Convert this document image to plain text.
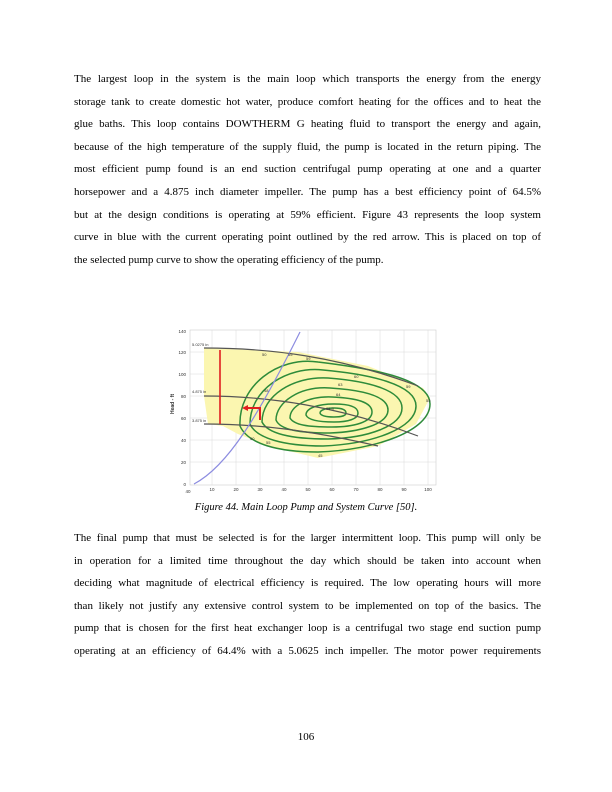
The largest loop in the system is the main loop which transports the energy from the energy
storage tank to create domestic hot water, produce comfort heating for the offices and to heat the
glue baths. This loop contains DOWTHERM G heating fluid to transport the energy and again,
because of the high temperature of the supply fluid, the pump is located in the return piping. The
most efficient pump found is an end suction centrifugal pump operating at one and a quarter
horsepower and a 4.875 inch diameter impeller. The pump has a best efficiency point of 64.5%
but at the design conditions is operating at 59% efficient. Figure 43 represents the loop system
curve in blue with the current operating point outlined by the red arrow. This is placed on top of
the selected pump curve to show the operating efficiency of the pump.
140
120
100
80
60
40
20
0
Head - ft
10	20	30	40	50	60	70	80	90	100
40
5.0275 in
4.875 in
3.875 in
50	55
59
63
64
64.5
60
59
55
45
50
55
48
Figure 44. Main Loop Pump and System Curve [50].
The final pump that must be selected is for the larger intermittent loop. This pump will only be
in operation for a limited time throughout the day which should be taken into account when
deciding what magnitude of electrical efficiency is required. The low operating hours will more
than likely not justify any extensive control system to be implemented on top of the basics. The
pump that is chosen for the first heat exchanger loop is a centrifugal two stage end suction pump
operating at an efficiency of 64.4% with a 5.0625 inch impeller. The motor power requirements
106
